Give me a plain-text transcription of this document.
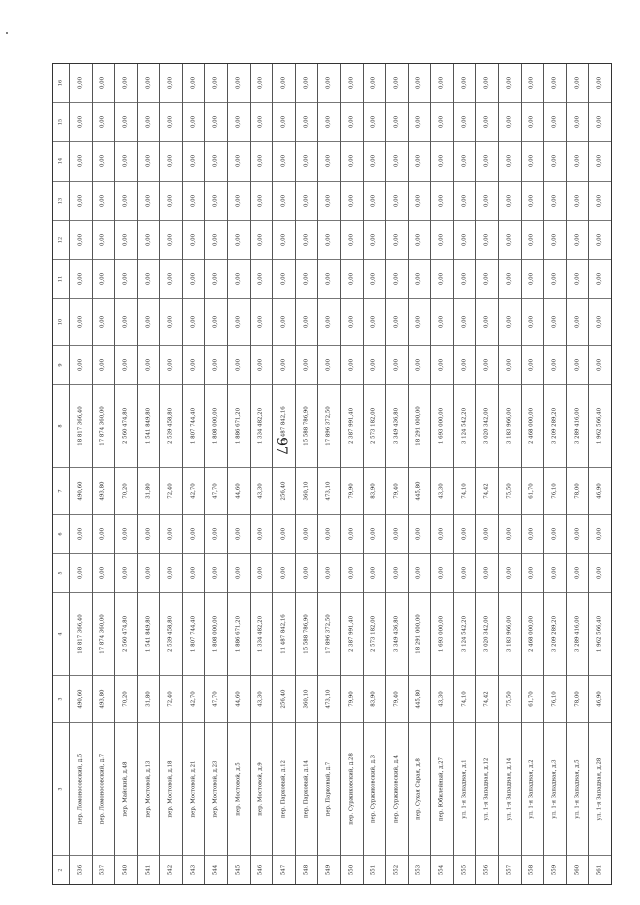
97
2
3
3
4
5
6
7
8
9
10
11
12
13
14
15
16
536
пер. Ломоносовский, д.5
490,60
18 817 366,40
0,00
0,00
490,60
18 817 366,40
0,00
0,00
0,00
0,00
0,00
0,00
0,00
0,00
537
пер. Ломоносовский, д.7
493,80
17 874 360,00
0,00
0,00
493,80
17 874 360,00
0,00
0,00
0,00
0,00
0,00
0,00
0,00
0,00
540
пер. Майский, д.48
70,20
2 560 474,80
0,00
0,00
70,20
2 560 474,80
0,00
0,00
0,00
0,00
0,00
0,00
0,00
0,00
541
пер. Мостовой, д.13
31,80
1 541 849,80
0,00
0,00
31,80
1 541 849,80
0,00
0,00
0,00
0,00
0,00
0,00
0,00
0,00
542
пер. Мостовой, д.18
72,40
2 539 458,80
0,00
0,00
72,40
2 539 458,80
0,00
0,00
0,00
0,00
0,00
0,00
0,00
0,00
543
пер. Мостовой, д.21
42,70
1 807 744,40
0,00
0,00
42,70
1 807 744,40
0,00
0,00
0,00
0,00
0,00
0,00
0,00
0,00
544
пер. Мостовой, д.23
47,70
1 808 000,00
0,00
0,00
47,70
1 808 000,00
0,00
0,00
0,00
0,00
0,00
0,00
0,00
0,00
545
пер. Мостовой, д.5
44,60
1 886 671,20
0,00
0,00
44,60
1 886 671,20
0,00
0,00
0,00
0,00
0,00
0,00
0,00
0,00
546
пер. Мостовой, д.9
43,30
1 334 482,20
0,00
0,00
43,30
1 334 482,20
0,00
0,00
0,00
0,00
0,00
0,00
0,00
0,00
547
пер. Парковый, д.12
256,40
11 487 842,16
0,00
0,00
256,40
11 487 842,16
0,00
0,00
0,00
0,00
0,00
0,00
0,00
0,00
548
пер. Парковый, д.14
360,10
15 588 786,90
0,00
0,00
360,10
15 588 786,90
0,00
0,00
0,00
0,00
0,00
0,00
0,00
0,00
549
пер. Парковый, д.7
473,10
17 896 372,50
0,00
0,00
473,10
17 896 372,50
0,00
0,00
0,00
0,00
0,00
0,00
0,00
0,00
550
пер. Суржиковский, д.28
79,90
2 387 991,40
0,00
0,00
79,90
2 387 991,40
0,00
0,00
0,00
0,00
0,00
0,00
0,00
0,00
551
пер. Суржиковский, д.3
83,90
2 573 182,00
0,00
0,00
83,90
2 573 182,00
0,00
0,00
0,00
0,00
0,00
0,00
0,00
0,00
552
пер. Суржиковский, д.4
79,40
3 349 436,80
0,00
0,00
79,40
3 349 436,80
0,00
0,00
0,00
0,00
0,00
0,00
0,00
0,00
553
пер. Сухая Сарая, д.8
445,80
18 291 000,00
0,00
0,00
445,80
18 291 000,00
0,00
0,00
0,00
0,00
0,00
0,00
0,00
0,00
554
пер. Юбилейный, д.27
43,30
1 693 000,00
0,00
0,00
43,30
1 693 000,00
0,00
0,00
0,00
0,00
0,00
0,00
0,00
0,00
555
ул. 1-я Западная, д.1
74,10
3 124 542,20
0,00
0,00
74,10
3 124 542,20
0,00
0,00
0,00
0,00
0,00
0,00
0,00
0,00
556
ул. 1-я Западная, д.12
74,42
3 020 342,00
0,00
0,00
74,42
3 020 342,00
0,00
0,00
0,00
0,00
0,00
0,00
0,00
0,00
557
ул. 1-я Западная, д.14
75,50
3 183 966,00
0,00
0,00
75,50
3 183 966,00
0,00
0,00
0,00
0,00
0,00
0,00
0,00
0,00
558
ул. 1-я Западная, д.2
61,70
2 468 000,00
0,00
0,00
61,70
2 468 000,00
0,00
0,00
0,00
0,00
0,00
0,00
0,00
0,00
559
ул. 1-я Западная, д.3
76,10
3 209 289,20
0,00
0,00
76,10
3 209 289,20
0,00
0,00
0,00
0,00
0,00
0,00
0,00
0,00
560
ул. 1-я Западная, д.5
78,00
3 289 416,00
0,00
0,00
78,00
3 289 416,00
0,00
0,00
0,00
0,00
0,00
0,00
0,00
0,00
561
ул. 1-я Западная, д.28
46,90
1 962 566,40
0,00
0,00
46,90
1 962 566,40
0,00
0,00
0,00
0,00
0,00
0,00
0,00
0,00
